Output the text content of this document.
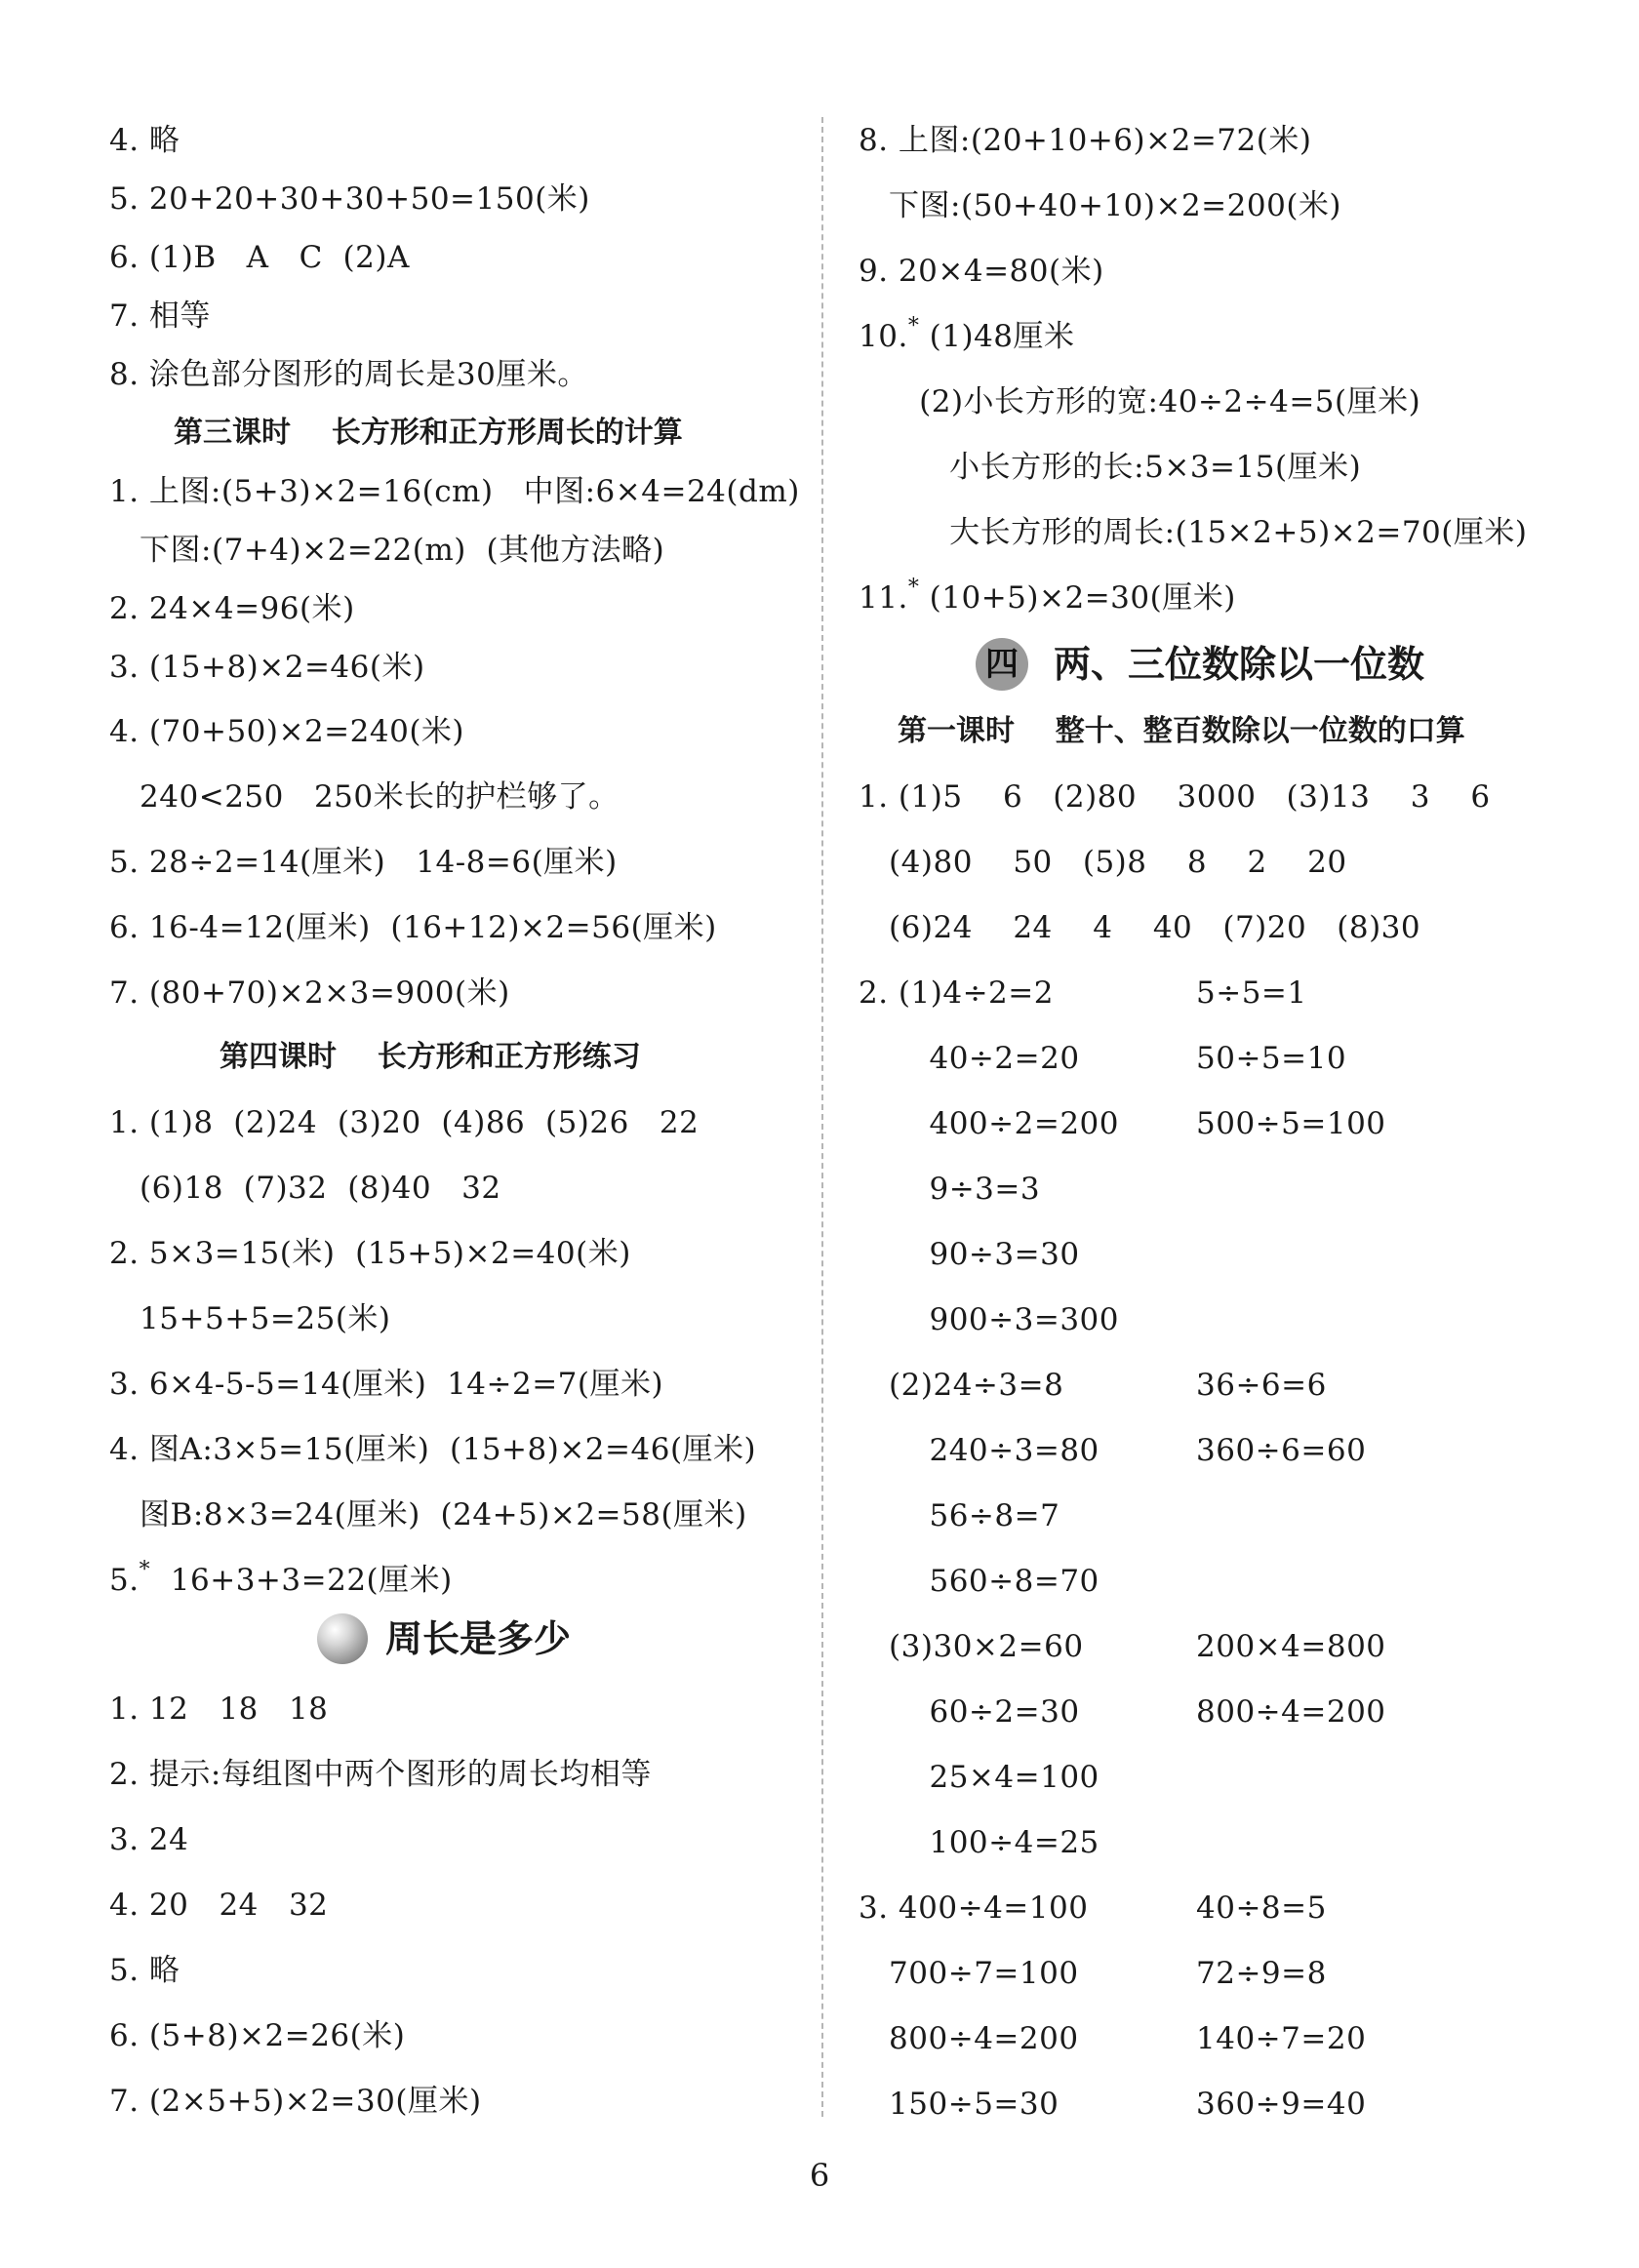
4. 略
5. 20+20+30+30+50=150(米)
6. (1)B   A   C  (2)A
7. 相等
8. 涂色部分图形的周长是30厘米。
第三课时    长方形和正方形周长的计算
1. 上图:(5+3)×2=16(cm)   中图:6×4=24(dm)
下图:(7+4)×2=22(m)  (其他方法略)
2. 24×4=96(米)
3. (15+8)×2=46(米)
4. (70+50)×2=240(米)
240<250   250米长的护栏够了。
5. 28÷2=14(厘米)   14-8=6(厘米)
6. 16-4=12(厘米)  (16+12)×2=56(厘米)
7. (80+70)×2×3=900(米)
第四课时    长方形和正方形练习
1. (1)8  (2)24  (3)20  (4)86  (5)26   22
(6)18  (7)32  (8)40   32
2. 5×3=15(米)  (15+5)×2=40(米)
15+5+5=25(米)
3. 6×4-5-5=14(厘米)  14÷2=7(厘米)
4. 图A:3×5=15(厘米)  (15+8)×2=46(厘米)
图B:8×3=24(厘米)  (24+5)×2=58(厘米)
5.*  16+3+3=22(厘米)
周长是多少
1. 12   18   18
2. 提示:每组图中两个图形的周长均相等
3. 24
4. 20   24   32
5. 略
6. (5+8)×2=26(米)
7. (2×5+5)×2=30(厘米)
8. 上图:(20+10+6)×2=72(米)
下图:(50+40+10)×2=200(米)
9. 20×4=80(米)
10.* (1)48厘米
(2)小长方形的宽:40÷2÷4=5(厘米)
小长方形的长:5×3=15(厘米)
大长方形的周长:(15×2+5)×2=70(厘米)
11.* (10+5)×2=30(厘米)
四 两、三位数除以一位数
第一课时    整十、整百数除以一位数的口算
1. (1)5    6   (2)80    3000   (3)13    3    6
(4)80    50   (5)8    8    2    20
(6)24    24    4    40   (7)20   (8)30
2. (1)4÷2=2	5÷5=1
40÷2=20	50÷5=10
400÷2=200	500÷5=100
9÷3=3
90÷3=30
900÷3=300
(2)24÷3=8	36÷6=6
240÷3=80	360÷6=60
56÷8=7
560÷8=70
(3)30×2=60	200×4=800
60÷2=30	800÷4=200
25×4=100
100÷4=25
3. 400÷4=100	40÷8=5
700÷7=100	72÷9=8
800÷4=200	140÷7=20
150÷5=30	360÷9=40
6
